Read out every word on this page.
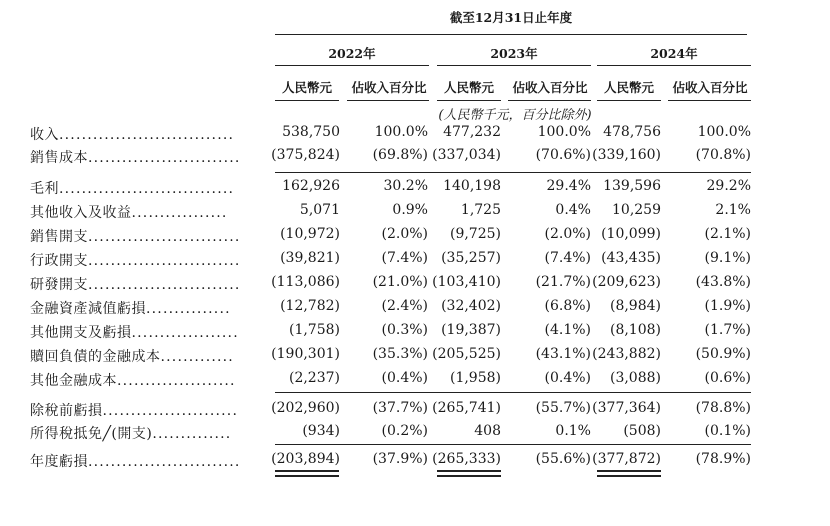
截至12月31日止年度
2022年	2023年	2024年
人民幣元	佔收入百分比	人民幣元	佔收入百分比	人民幣元	佔收入百分比
(人民幣千元，百分比除外)
收入...............................	538,750 100.0% 477,232	100.0% 478,756	100.0%
銷售成本........................... (375,824) (69.8%) (337,034) (70.6%) (339,160) (70.8%)
毛利...............................	162,926	30.2% 140,198	29.4% 139,596	29.2%
其他收入及收益.................	5,071	0.9% 1,725	0.4% 10,259	2.1%
銷售開支...........................	(10,972)	(2.0%) (9,725)	(2.0%) (10,099)	(2.1%)
行政開支...........................	(39,821)	(7.4%) (35,257)	(7.4%) (43,435)	(9.1%)
研發開支........................... (113,086) (21.0%) (103,410) (21.7%) (209,623) (43.8%)
金融資產減值虧損...............	(12,782)	(2.4%) (32,402)	(6.8%) (8,984)	(1.9%)
其他開支及虧損...................	(1,758)	(0.3%) (19,387)	(4.1%) (8,108)	(1.7%)
贖回負債的金融成本.............	(190,301) (35.3%) (205,525) (43.1%) (243,882) (50.9%)
其他金融成本.....................	(2,237)	(0.4%) (1,958)	(0.4%) (3,088)	(0.6%)
除稅前虧損........................ (202,960) (37.7%) (265,741) (55.7%) (377,364) (78.8%)
所得稅抵免╱(開支)..............	(934)	(0.2%)	408	0.1% (508)	(0.1%)
年度虧損........................... (203,894) (37.9%) (265,333) (55.6%) (377,872) (78.9%)
